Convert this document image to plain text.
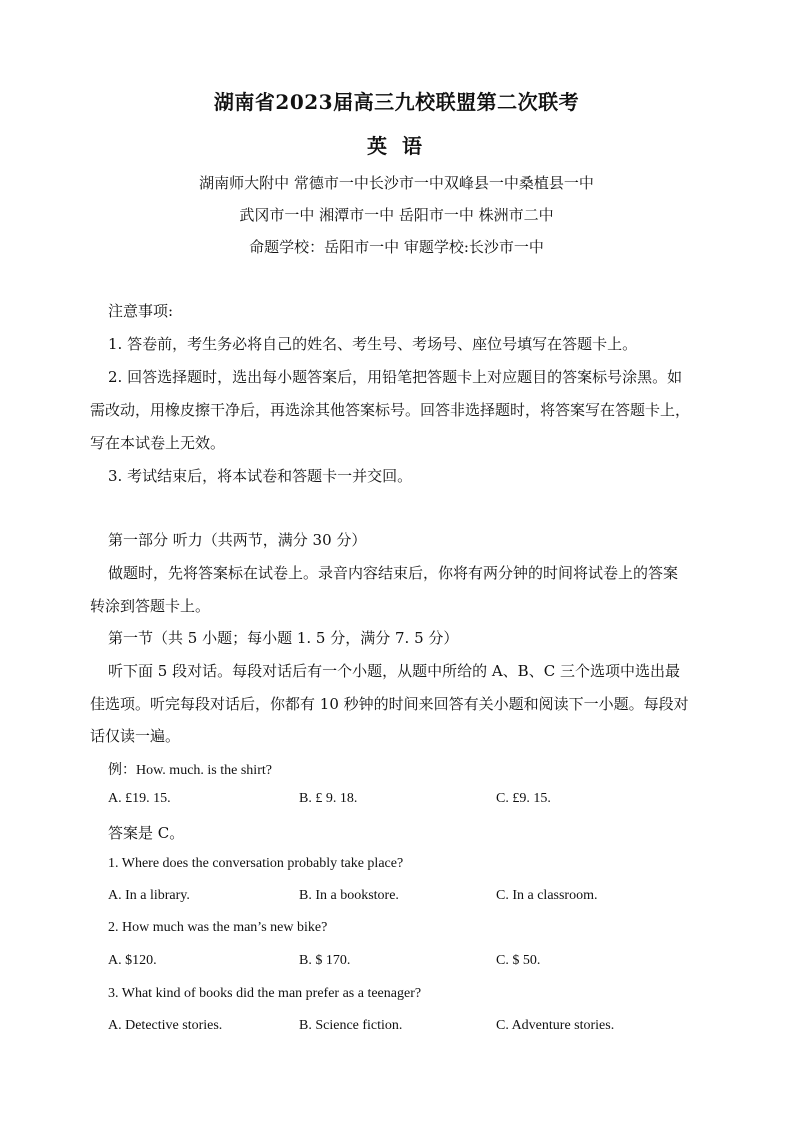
湖南省2023届高三九校联盟第二次联考
英 语
湖南师大附中 常德市一中长沙市一中双峰县一中桑植县一中
武冈市一中 湘潭市一中 岳阳市一中 株洲市二中
命题学校：岳阳市一中 审题学校:长沙市一中
注意事项:
1. 答卷前，考生务必将自己的姓名、考生号、考场号、座位号填写在答题卡上。
2. 回答选择题时，选出每小题答案后，用铅笔把答题卡上对应题目的答案标号涂黑。如
需改动，用橡皮擦干净后，再选涂其他答案标号。回答非选择题时，将答案写在答题卡上，
写在本试卷上无效。
3. 考试结束后，将本试卷和答题卡一并交回。
第一部分 听力（共两节，满分 30 分）
做题时，先将答案标在试卷上。录音内容结束后，你将有两分钟的时间将试卷上的答案
转涂到答题卡上。
第一节（共 5 小题；每小题 1. 5 分，满分 7. 5 分）
听下面 5 段对话。每段对话后有一个小题，从题中所给的 A、B、C 三个选项中选出最
佳选项。听完每段对话后，你都有 10 秒钟的时间来回答有关小题和阅读下一小题。每段对
话仅读一遍。
例：How. much. is the shirt?
A. £19. 15.	B. £ 9. 18.	C. £9. 15.
答案是 C。
1. Where does the conversation probably take place?
A. In a library.	B. In a bookstore.	C. In a classroom.
2. How much was the man’s new bike?
A. $120.	B. $ 170.	C. $ 50.
3. What kind of books did the man prefer as a teenager?
A. Detective stories.	B. Science fiction.	C. Adventure stories.
